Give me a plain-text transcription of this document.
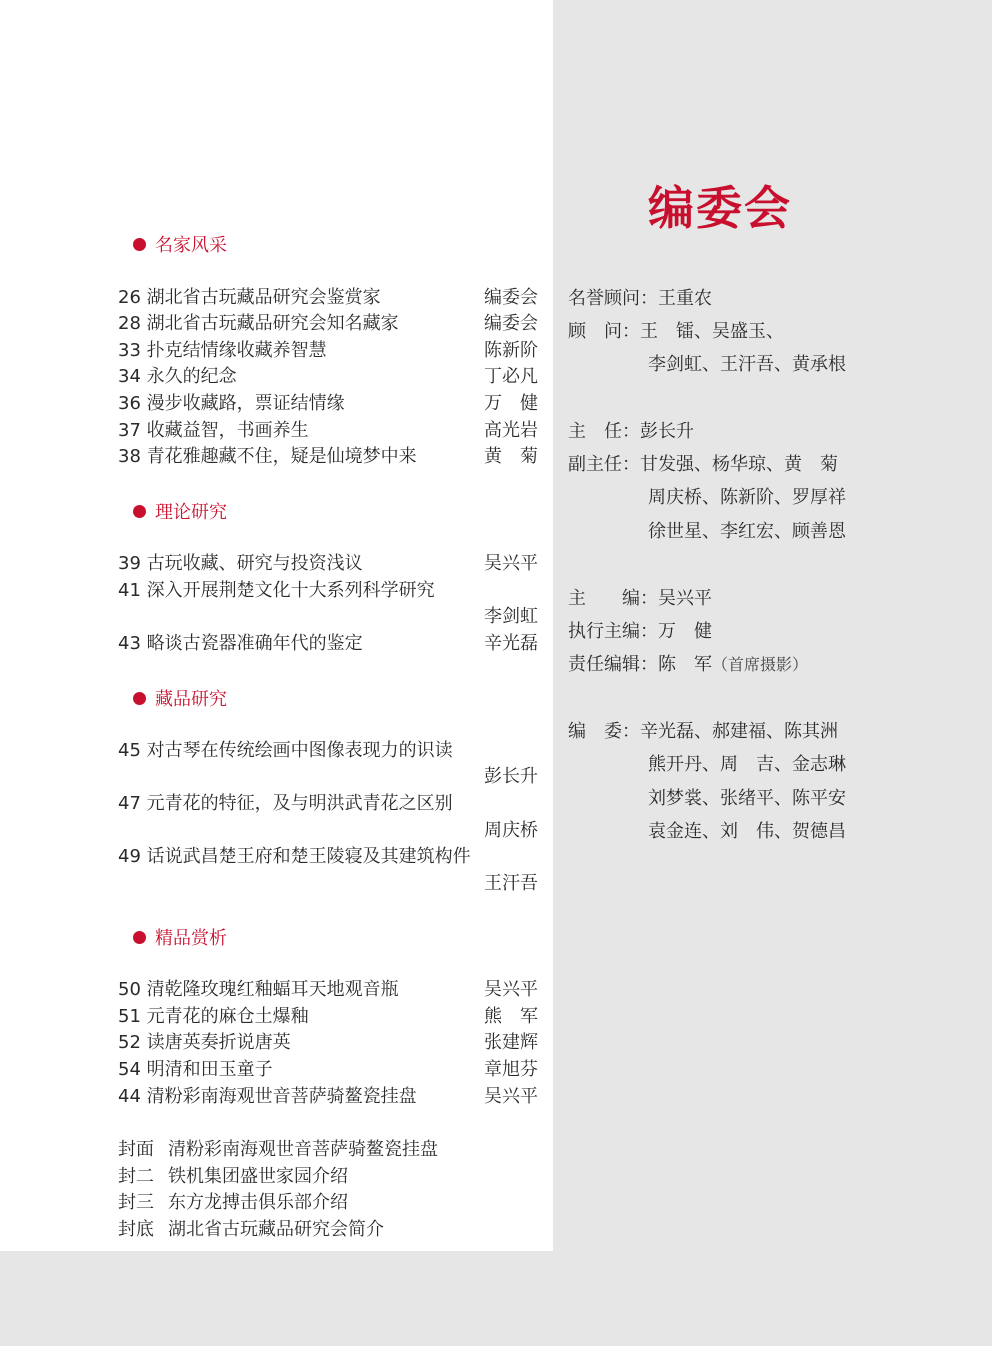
名家风采
26 湖北省古玩藏品研究会鉴赏家	编委会
28 湖北省古玩藏品研究会知名藏家	编委会
33 扑克结情缘收藏养智慧	陈新阶
34 永久的纪念	丁必凡
36 漫步收藏路，票证结情缘	万　健
37 收藏益智，书画养生	高光岩
38 青花雅趣藏不住，疑是仙境梦中来	黄　菊
理论研究
39 古玩收藏、研究与投资浅议	吴兴平
41 深入开展荆楚文化十大系列科学研究
李剑虹
43 略谈古瓷器准确年代的鉴定	辛光磊
藏品研究
45 对古琴在传统绘画中图像表现力的识读
彭长升
47 元青花的特征，及与明洪武青花之区别
周庆桥
49 话说武昌楚王府和楚王陵寝及其建筑构件
王汗吾
精品赏析
50 清乾隆玫瑰红釉蝠耳天地观音瓶	吴兴平
51 元青花的麻仓土爆釉	熊　军
52 读唐英奏折说唐英	张建辉
54 明清和田玉童子	章旭芬
44 清粉彩南海观世音菩萨骑鳌瓷挂盘	吴兴平
封面 清粉彩南海观世音菩萨骑鳌瓷挂盘
封二 铁机集团盛世家园介绍
封三 东方龙搏击俱乐部介绍
封底 湖北省古玩藏品研究会简介
编委会
名誉顾问：王重农
顾　问：王　镭、吴盛玉、
李剑虹、王汗吾、黄承根
主　任：彭长升
副主任：甘发强、杨华琼、黄　菊
周庆桥、陈新阶、罗厚祥
徐世星、李红宏、顾善恩
主　　编：吴兴平
执行主编：万　健
责任编辑：陈　军（首席摄影）
编　委：辛光磊、郝建福、陈其洲
熊开丹、周　吉、金志琳
刘梦裳、张绪平、陈平安
袁金连、刘　伟、贺德昌
